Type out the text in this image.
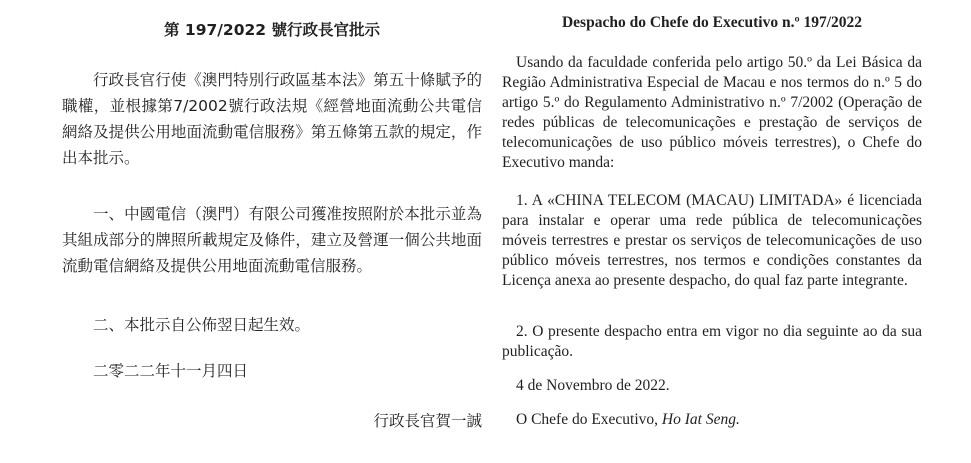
第 197/2022 號行政長官批示

行政長官行使《澳門特別行政區基本法》第五十條賦予的職權，並根據第7/2002號行政法規《經營地面流動公共電信網絡及提供公用地面流動電信服務》第五條第五款的規定，作出本批示。

一、中國電信（澳門）有限公司獲准按照附於本批示並為其組成部分的牌照所載規定及條件，建立及營運一個公共地面流動電信網絡及提供公用地面流動電信服務。

二、本批示自公佈翌日起生效。

二零二二年十一月四日

行政長官賀一誠

Despacho do Chefe do Executivo n.º 197/2022

Usando da faculdade conferida pelo artigo 50.º da Lei Básica da Região Administrativa Especial de Macau e nos termos do n.º 5 do artigo 5.º do Regulamento Administrativo n.º 7/2002 (Operação de redes públicas de telecomunicações e prestação de serviços de telecomunicações de uso público móveis terrestres), o Chefe do Executivo manda:

1. A «CHINA TELECOM (MACAU) LIMITADA» é licenciada para instalar e operar uma rede pública de telecomunicações móveis terrestres e prestar os serviços de telecomunicações de uso público móveis terrestres, nos termos e condições constantes da Licença anexa ao presente despacho, do qual faz parte integrante.

2. O presente despacho entra em vigor no dia seguinte ao da sua publicação.

4 de Novembro de 2022.

O Chefe do Executivo, Ho Iat Seng.
